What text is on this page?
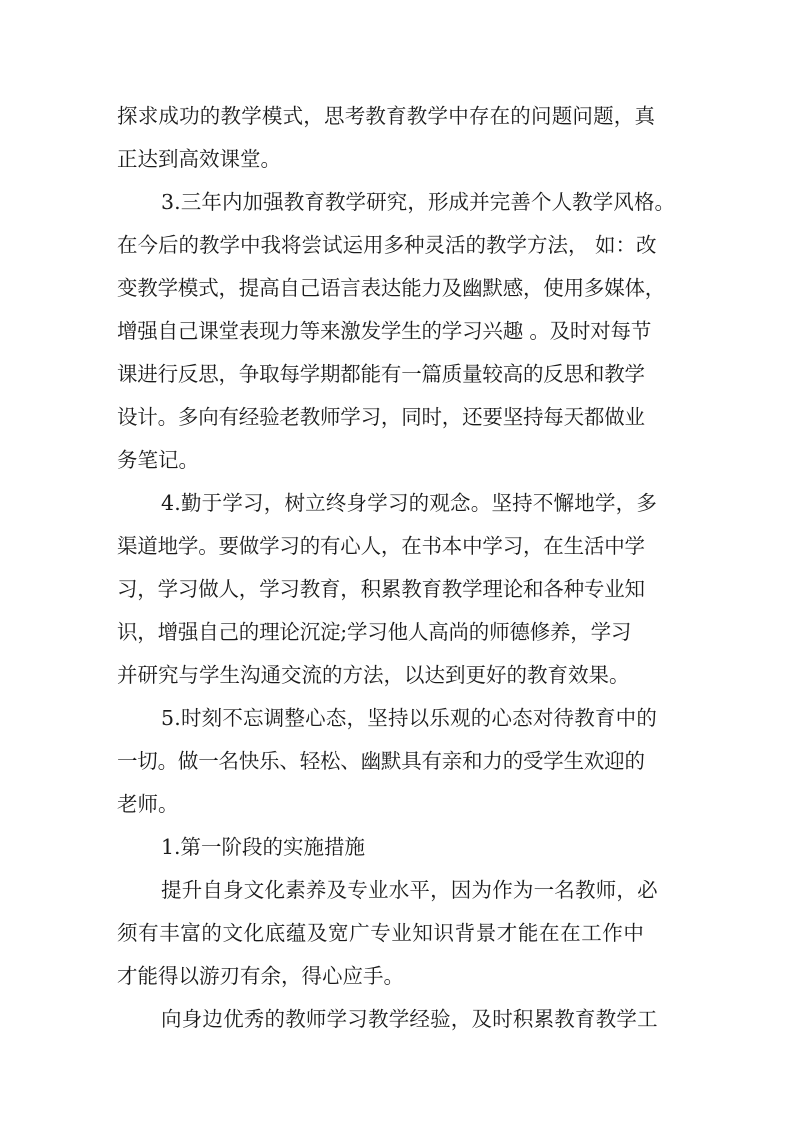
探求成功的教学模式，思考教育教学中存在的问题问题，真
正达到高效课堂。
3.三年内加强教育教学研究，形成并完善个人教学风格。
在今后的教学中我将尝试运用多种灵活的教学方法， 如：改
变教学模式，提高自己语言表达能力及幽默感，使用多媒体，
增强自己课堂表现力等来激发学生的学习兴趣 。及时对每节
课进行反思，争取每学期都能有一篇质量较高的反思和教学
设计。多向有经验老教师学习，同时，还要坚持每天都做业
务笔记。
4.勤于学习，树立终身学习的观念。坚持不懈地学，多
渠道地学。要做学习的有心人，在书本中学习，在生活中学
习，学习做人，学习教育，积累教育教学理论和各种专业知
识，增强自己的理论沉淀;学习他人高尚的师德修养，学习
并研究与学生沟通交流的方法，以达到更好的教育效果。
5.时刻不忘调整心态，坚持以乐观的心态对待教育中的
一切。做一名快乐、轻松、幽默具有亲和力的受学生欢迎的
老师。
1.第一阶段的实施措施
提升自身文化素养及专业水平，因为作为一名教师，必
须有丰富的文化底蕴及宽广专业知识背景才能在在工作中
才能得以游刃有余，得心应手。
向身边优秀的教师学习教学经验，及时积累教育教学工
